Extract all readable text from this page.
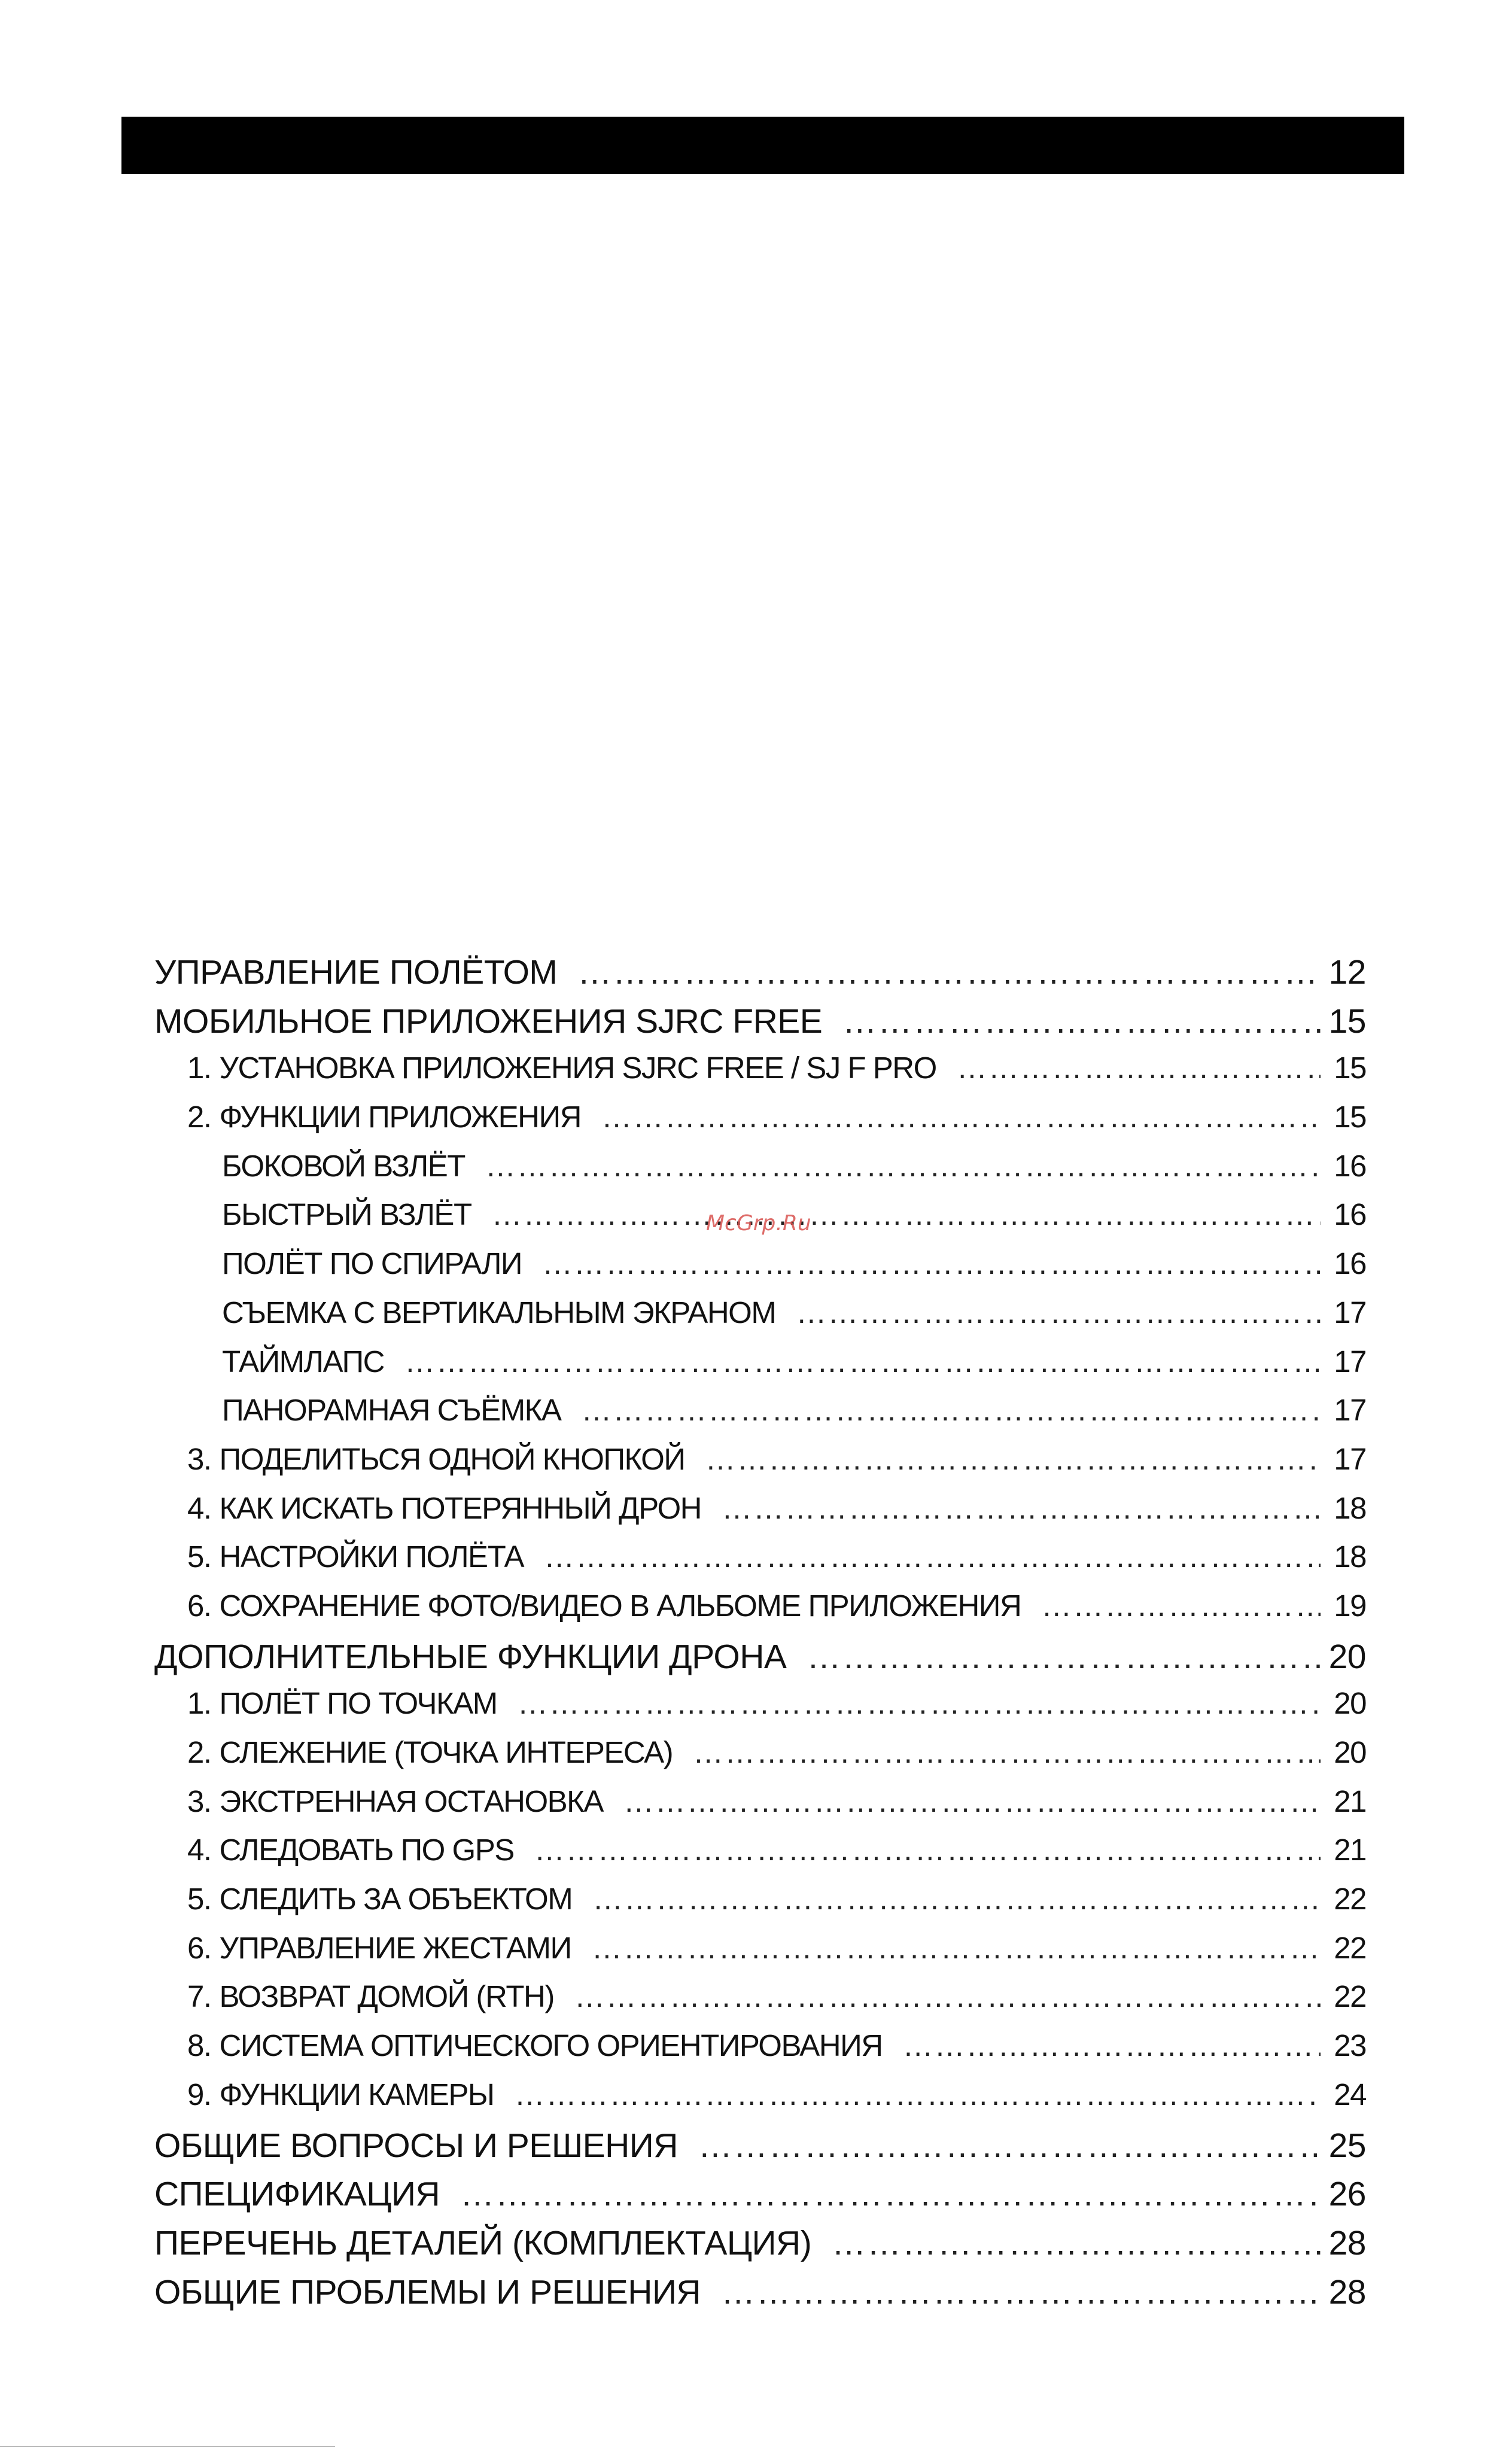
УПРАВЛЕНИЕ ПОЛЁТОМ …………………………………………………………………………………………………………………………………………………………………………………………………………………	12
МОБИЛЬНОЕ ПРИЛОЖЕНИЯ SJRC FREE …………………………………………………………………………………………………………………………………………………………………………………………………………………	15
1. УСТАНОВКА ПРИЛОЖЕНИЯ SJRC FREE / SJ F PRO …………………………………………………………………………………………………………………………………………………………………………………………………………………	15
2. ФУНКЦИИ ПРИЛОЖЕНИЯ …………………………………………………………………………………………………………………………………………………………………………………………………………………	15
БОКОВОЙ ВЗЛЁТ …………………………………………………………………………………………………………………………………………………………………………………………………………………	16
БЫСТРЫЙ ВЗЛЁТ …………………………………………………………………………………………………………………………………………………………………………………………………………………	16
ПОЛЁТ ПО СПИРАЛИ …………………………………………………………………………………………………………………………………………………………………………………………………………………	16
СЪЕМКА С ВЕРТИКАЛЬНЫМ ЭКРАНОМ …………………………………………………………………………………………………………………………………………………………………………………………………………………	17
ТАЙМЛАПС …………………………………………………………………………………………………………………………………………………………………………………………………………………	17
ПАНОРАМНАЯ СЪЁМКА …………………………………………………………………………………………………………………………………………………………………………………………………………………	17
3. ПОДЕЛИТЬСЯ ОДНОЙ КНОПКОЙ …………………………………………………………………………………………………………………………………………………………………………………………………………………	17
4. КАК ИСКАТЬ ПОТЕРЯННЫЙ ДРОН …………………………………………………………………………………………………………………………………………………………………………………………………………………	18
5. НАСТРОЙКИ ПОЛЁТА …………………………………………………………………………………………………………………………………………………………………………………………………………………	18
6. СОХРАНЕНИЕ ФОТО/ВИДЕО В АЛЬБОМЕ ПРИЛОЖЕНИЯ …………………………………………………………………………………………………………………………………………………………………………………………………………………	19
ДОПОЛНИТЕЛЬНЫЕ ФУНКЦИИ ДРОНА …………………………………………………………………………………………………………………………………………………………………………………………………………………	20
1. ПОЛЁТ ПО ТОЧКАМ …………………………………………………………………………………………………………………………………………………………………………………………………………………	20
2. СЛЕЖЕНИЕ (ТОЧКА ИНТЕРЕСА) …………………………………………………………………………………………………………………………………………………………………………………………………………………	20
3. ЭКСТРЕННАЯ ОСТАНОВКА …………………………………………………………………………………………………………………………………………………………………………………………………………………	21
4. СЛЕДОВАТЬ ПО GPS …………………………………………………………………………………………………………………………………………………………………………………………………………………	21
5. СЛЕДИТЬ ЗА ОБЪЕКТОМ …………………………………………………………………………………………………………………………………………………………………………………………………………………	22
6. УПРАВЛЕНИЕ ЖЕСТАМИ …………………………………………………………………………………………………………………………………………………………………………………………………………………	22
7. ВОЗВРАТ ДОМОЙ (RTH) …………………………………………………………………………………………………………………………………………………………………………………………………………………	22
8. СИСТЕМА ОПТИЧЕСКОГО ОРИЕНТИРОВАНИЯ …………………………………………………………………………………………………………………………………………………………………………………………………………………	23
9. ФУНКЦИИ КАМЕРЫ …………………………………………………………………………………………………………………………………………………………………………………………………………………	24
ОБЩИЕ ВОПРОСЫ И РЕШЕНИЯ …………………………………………………………………………………………………………………………………………………………………………………………………………………	25
СПЕЦИФИКАЦИЯ …………………………………………………………………………………………………………………………………………………………………………………………………………………	26
ПЕРЕЧЕНЬ ДЕТАЛЕЙ (КОМПЛЕКТАЦИЯ) …………………………………………………………………………………………………………………………………………………………………………………………………………………	28
ОБЩИЕ ПРОБЛЕМЫ И РЕШЕНИЯ …………………………………………………………………………………………………………………………………………………………………………………………………………………	28
McGrp.Ru
